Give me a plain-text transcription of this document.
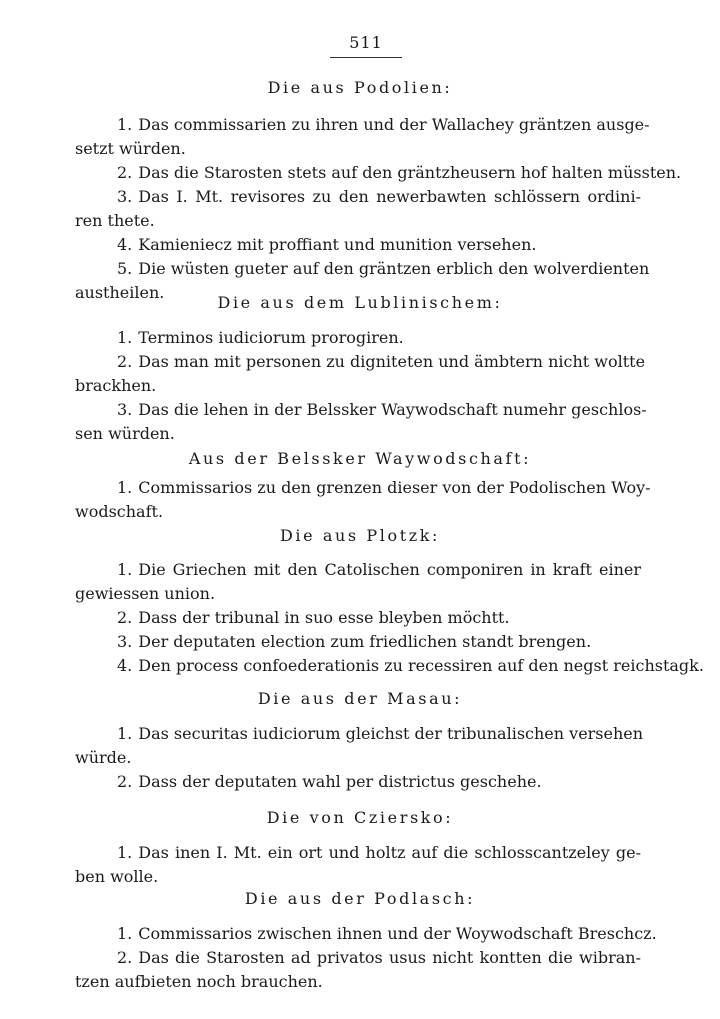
511
Die aus Podolien:
1. Das commissarien zu ihren und der Wallachey gräntzen ausge-
setzt würden.
2. Das die Starosten stets auf den gräntzheusern hof halten müssten.
3. Das I. Mt. revisores zu den newerbawten schlössern ordini-
ren thete.
4. Kamieniecz mit proffiant und munition versehen.
5. Die wüsten gueter auf den gräntzen erblich den wolverdienten
austheilen.
Die aus dem Lublinischem:
1. Terminos iudiciorum prorogiren.
2. Das man mit personen zu digniteten und ämbtern nicht woltte
brackhen.
3. Das die lehen in der Belssker Waywodschaft numehr geschlos-
sen würden.
Aus der Belssker Waywodschaft:
1. Commissarios zu den grenzen dieser von der Podolischen Woy-
wodschaft.
Die aus Plotzk:
1. Die Griechen mit den Catolischen componiren in kraft einer
gewiessen union.
2. Dass der tribunal in suo esse bleyben möchtt.
3. Der deputaten election zum friedlichen standt brengen.
4. Den process confoederationis zu recessiren auf den negst reichstagk.
Die aus der Masau:
1. Das securitas iudiciorum gleichst der tribunalischen versehen
würde.
2. Dass der deputaten wahl per districtus geschehe.
Die von Cziersko:
1. Das inen I. Mt. ein ort und holtz auf die schlosscantzeley ge-
ben wolle.
Die aus der Podlasch:
1. Commissarios zwischen ihnen und der Woywodschaft Breschcz.
2. Das die Starosten ad privatos usus nicht kontten die wibran-
tzen aufbieten noch brauchen.
